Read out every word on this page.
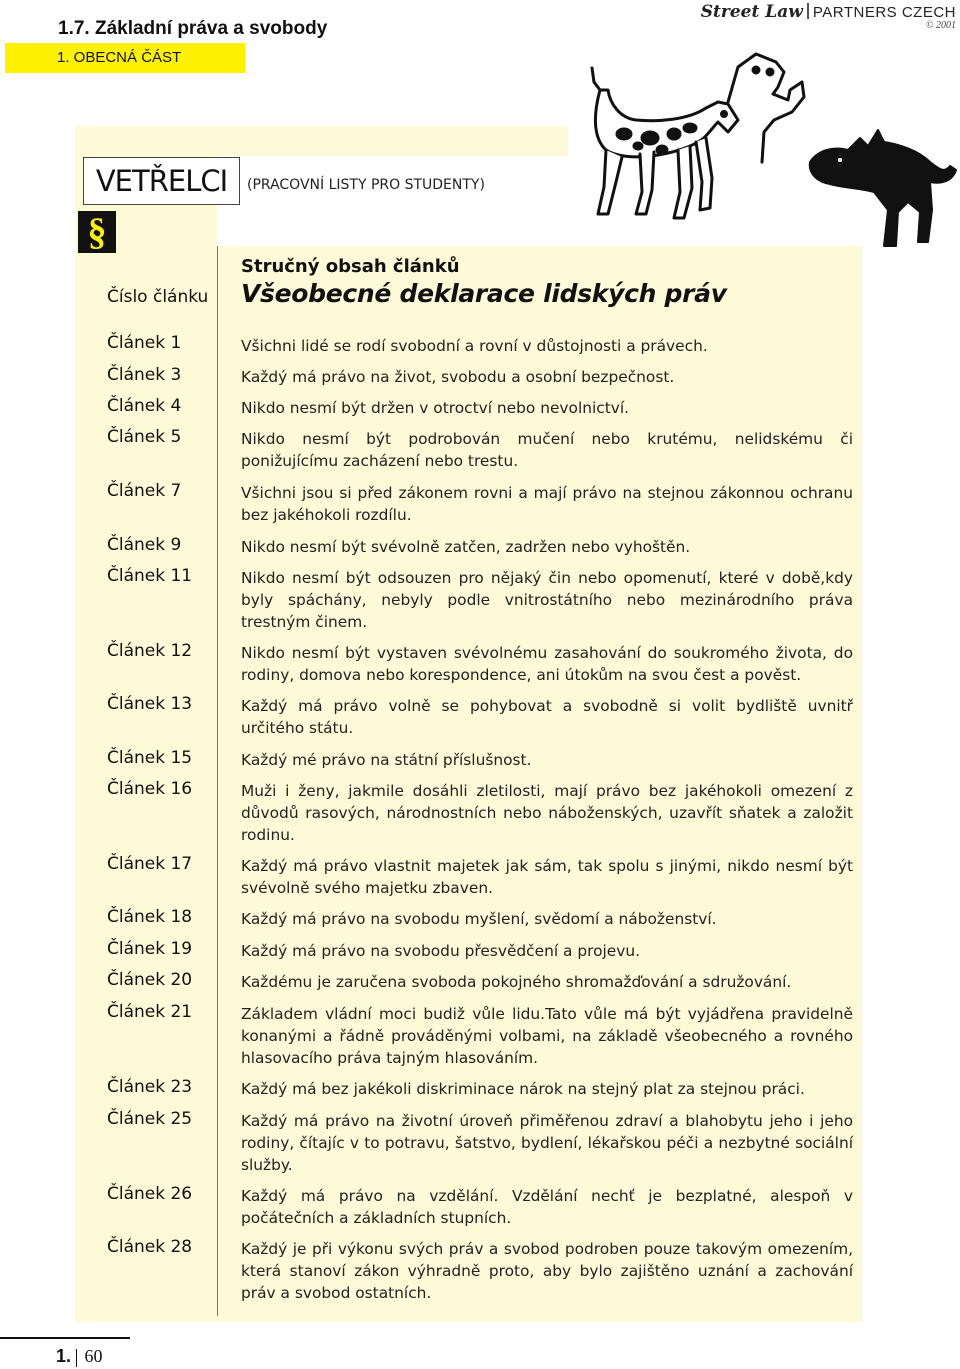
1.7. Základní práva a svobody
1. OBECNÁ ČÁST
Street Law PARTNERS CZECH
© 2001
VETŘELCI	(PRACOVNÍ LISTY PRO STUDENTY)
§
Číslo článku
Stručný obsah článků
Všeobecné deklarace lidských práv
Článek 1	Všichni lidé se rodí svobodní a rovní v důstojnosti a právech.
Článek 3	Každý má právo na život, svobodu a osobní bezpečnost.
Článek 4	Nikdo nesmí být držen v otroctví nebo nevolnictví.
Článek 5	Nikdo nesmí být podrobován mučení nebo krutému, nelidskému či ponižujícímu zacházení nebo trestu.
Článek 7	Všichni jsou si před zákonem rovni a mají právo na stejnou zákonnou ochranu bez jakéhokoli rozdílu.
Článek 9	Nikdo nesmí být svévolně zatčen, zadržen nebo vyhoštěn.
Článek 11	Nikdo nesmí být odsouzen pro nějaký čin nebo opomenutí, které v době,kdy byly spáchány, nebyly podle vnitrostátního nebo mezinárodního práva trestným činem.
Článek 12	Nikdo nesmí být vystaven svévolnému zasahování do soukromého života, do rodiny, domova nebo korespondence, ani útokům na svou čest a pověst.
Článek 13	Každý má právo volně se pohybovat a svobodně si volit bydliště uvnitř určitého státu.
Článek 15	Každý mé právo na státní příslušnost.
Článek 16	Muži i ženy, jakmile dosáhli zletilosti, mají právo bez jakéhokoli omezení z důvodů rasových, národnostních nebo náboženských, uzavřít sňatek a založit rodinu.
Článek 17	Každý má právo vlastnit majetek jak sám, tak spolu s jinými, nikdo nesmí být svévolně svého majetku zbaven.
Článek 18	Každý má právo na svobodu myšlení, svědomí a náboženství.
Článek 19	Každý má právo na svobodu přesvědčení a projevu.
Článek 20	Každému je zaručena svoboda pokojného shromažďování a sdružování.
Článek 21	Základem vládní moci budiž vůle lidu.Tato vůle má být vyjádřena pravidelně konanými a řádně prováděnými volbami, na základě všeobecného a rovného hlasovacího práva tajným hlasováním.
Článek 23	Každý má bez jakékoli diskriminace nárok na stejný plat za stejnou práci.
Článek 25	Každý má právo na životní úroveň přiměřenou zdraví a blahobytu jeho i jeho rodiny, čítajíc v to potravu, šatstvo, bydlení, lékařskou péči a nezbytné sociální služby.
Článek 26	Každý má právo na vzdělání. Vzdělání nechť je bezplatné, alespoň v počátečních a základních stupních.
Článek 28	Každý je při výkonu svých práv a svobod podroben pouze takovým omezením, která stanoví zákon výhradně proto, aby bylo zajištěno uznání a zachování práv a svobod ostatních.
1. 60
